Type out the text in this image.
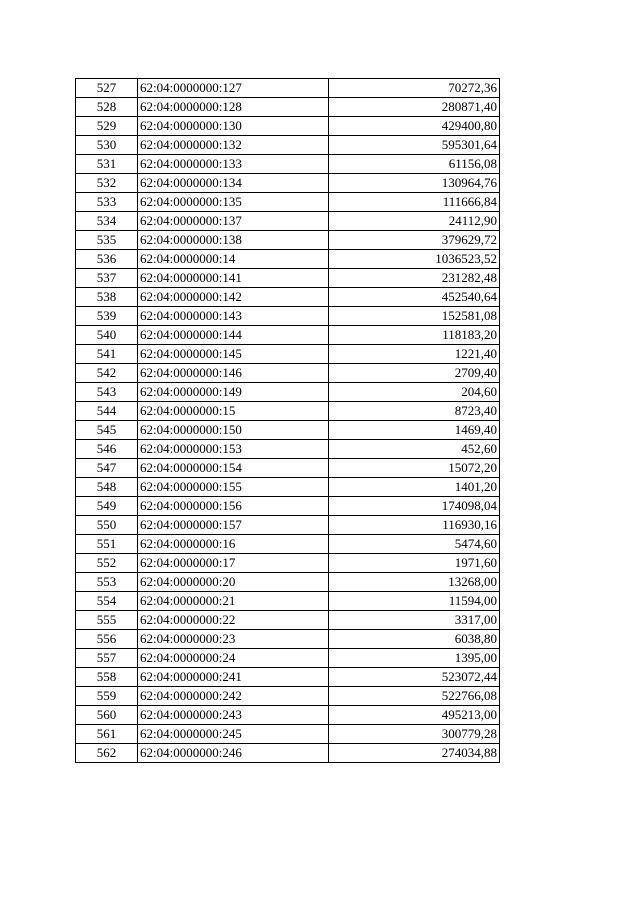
527	62:04:0000000:127	70272,36
528	62:04:0000000:128	280871,40
529	62:04:0000000:130	429400,80
530	62:04:0000000:132	595301,64
531	62:04:0000000:133	61156,08
532	62:04:0000000:134	130964,76
533	62:04:0000000:135	111666,84
534	62:04:0000000:137	24112,90
535	62:04:0000000:138	379629,72
536	62:04:0000000:14	1036523,52
537	62:04:0000000:141	231282,48
538	62:04:0000000:142	452540,64
539	62:04:0000000:143	152581,08
540	62:04:0000000:144	118183,20
541	62:04:0000000:145	1221,40
542	62:04:0000000:146	2709,40
543	62:04:0000000:149	204,60
544	62:04:0000000:15	8723,40
545	62:04:0000000:150	1469,40
546	62:04:0000000:153	452,60
547	62:04:0000000:154	15072,20
548	62:04:0000000:155	1401,20
549	62:04:0000000:156	174098,04
550	62:04:0000000:157	116930,16
551	62:04:0000000:16	5474,60
552	62:04:0000000:17	1971,60
553	62:04:0000000:20	13268,00
554	62:04:0000000:21	11594,00
555	62:04:0000000:22	3317,00
556	62:04:0000000:23	6038,80
557	62:04:0000000:24	1395,00
558	62:04:0000000:241	523072,44
559	62:04:0000000:242	522766,08
560	62:04:0000000:243	495213,00
561	62:04:0000000:245	300779,28
562	62:04:0000000:246	274034,88
